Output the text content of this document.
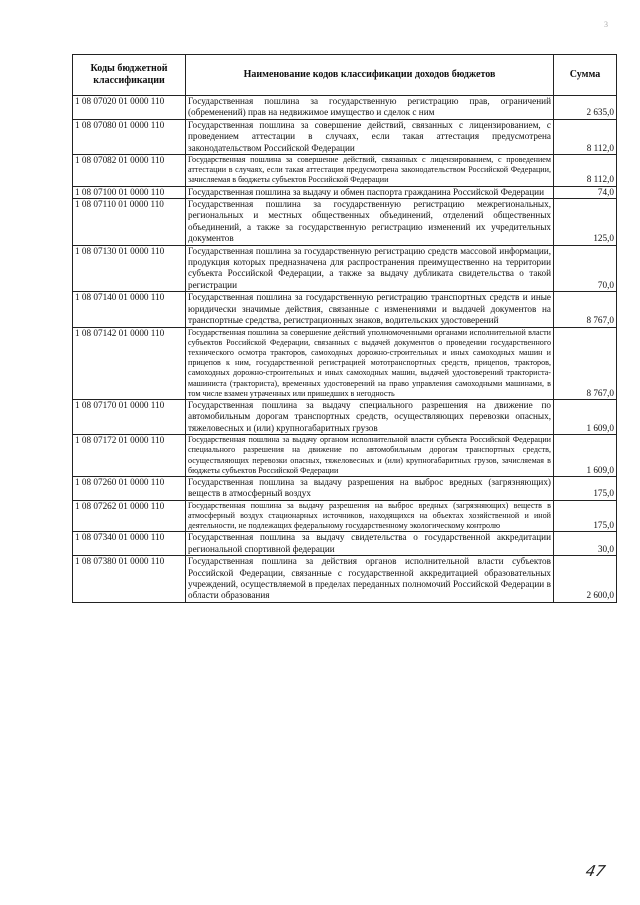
3
Коды бюджетной классификации	Наименование кодов классификации доходов бюджетов	Сумма
1 08 07020 01 0000 110	Государственная пошлина за государственную регистрацию прав, ограничений (обременений) прав на недвижимое имущество и сделок с ним	2 635,0
1 08 07080 01 0000 110	Государственная пошлина за совершение действий, связанных с лицензированием, с проведением аттестации в случаях, если такая аттестация предусмотрена законодательством Российской Федерации	8 112,0
1 08 07082 01 0000 110	Государственная пошлина за совершение действий, связанных с лицензированием, с проведением аттестации в случаях, если такая аттестация предусмотрена законодательством Российской Федерации, зачисляемая в бюджеты субъектов Российской Федерации	8 112,0
1 08 07100 01 0000 110	Государственная пошлина за выдачу и обмен паспорта гражданина Российской Федерации	74,0
1 08 07110 01 0000 110	Государственная пошлина за государственную регистрацию межрегиональных, региональных и местных общественных объединений, отделений общественных объединений, а также за государственную регистрацию изменений их учредительных документов	125,0
1 08 07130 01 0000 110	Государственная пошлина за государственную регистрацию средств массовой информации, продукция которых предназначена для распространения преимущественно на территории субъекта Российской Федерации, а также за выдачу дубликата свидетельства о такой регистрации	70,0
1 08 07140 01 0000 110	Государственная пошлина за государственную регистрацию транспортных средств и иные юридически значимые действия, связанные с изменениями и выдачей документов на транспортные средства, регистрационных знаков, водительских удостоверений	8 767,0
1 08 07142 01 0000 110	Государственная пошлина за совершение действий уполномоченными органами исполнительной власти субъектов Российской Федерации, связанных с выдачей документов о проведении государственного технического осмотра тракторов, самоходных дорожно-строительных и иных самоходных машин и прицепов к ним, государственной регистрацией мототранспортных средств, прицепов, тракторов, самоходных дорожно-строительных и иных самоходных машин, выдачей удостоверений тракториста-машиниста (тракториста), временных удостоверений на право управления самоходными машинами, в том числе взамен утраченных или пришедших в негодность	8 767,0
1 08 07170 01 0000 110	Государственная пошлина за выдачу специального разрешения на движение по автомобильным дорогам транспортных средств, осуществляющих перевозки опасных, тяжеловесных и (или) крупногабаритных грузов	1 609,0
1 08 07172 01 0000 110	Государственная пошлина за выдачу органом исполнительной власти субъекта Российской Федерации специального разрешения на движение по автомобильным дорогам транспортных средств, осуществляющих перевозки опасных, тяжеловесных и (или) крупногабаритных грузов, зачисляемая в бюджеты субъектов Российской Федерации	1 609,0
1 08 07260 01 0000 110	Государственная пошлина за выдачу разрешения на выброс вредных (загрязняющих) веществ в атмосферный воздух	175,0
1 08 07262 01 0000 110	Государственная пошлина за выдачу разрешения на выброс вредных (загрязняющих) веществ в атмосферный воздух стационарных источников, находящихся на объектах хозяйственной и иной деятельности, не подлежащих федеральному государственному экологическому контролю	175,0
1 08 07340 01 0000 110	Государственная пошлина за выдачу свидетельства о государственной аккредитации региональной спортивной федерации	30,0
1 08 07380 01 0000 110	Государственная пошлина за действия органов исполнительной власти субъектов Российской Федерации, связанные с государственной аккредитацией образовательных учреждений, осуществляемой в пределах переданных полномочий Российской Федерации в области образования	2 600,0
47
